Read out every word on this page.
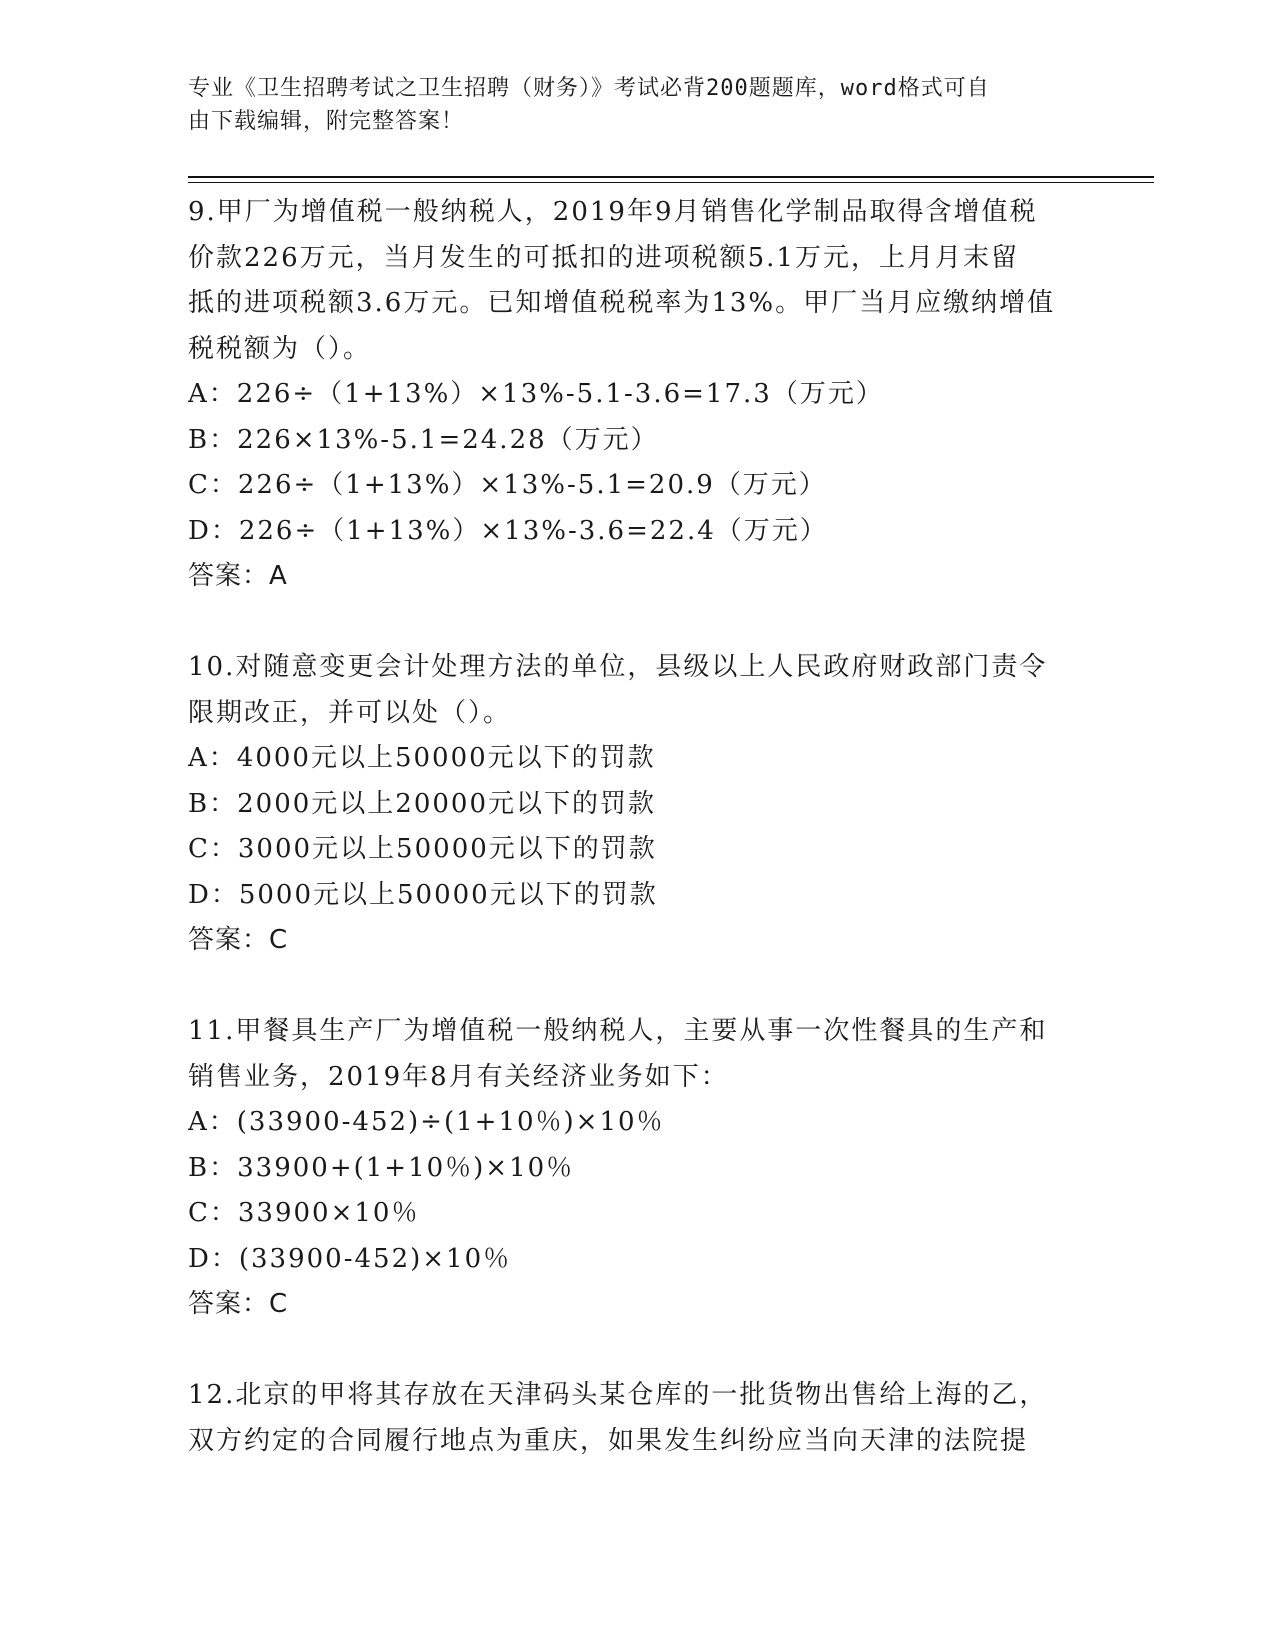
专业《卫生招聘考试之卫生招聘（财务）》考试必背200题题库，word格式可自
由下载编辑，附完整答案！
9.甲厂为增值税一般纳税人，2019年9月销售化学制品取得含增值税
价款226万元，当月发生的可抵扣的进项税额5.1万元，上月月末留
抵的进项税额3.6万元。已知增值税税率为13%。甲厂当月应缴纳增值
税税额为（）。
A：226÷（1+13%）×13%-5.1-3.6=17.3（万元）
B：226×13%-5.1=24.28（万元）
C：226÷（1+13%）×13%-5.1=20.9（万元）
D：226÷（1+13%）×13%-3.6=22.4（万元）
答案：A
10.对随意变更会计处理方法的单位，县级以上人民政府财政部门责令
限期改正，并可以处（）。
A：4000元以上50000元以下的罚款
B：2000元以上20000元以下的罚款
C：3000元以上50000元以下的罚款
D：5000元以上50000元以下的罚款
答案：C
11.甲餐具生产厂为增值税一般纳税人，主要从事一次性餐具的生产和
销售业务，2019年8月有关经济业务如下：
A：(33900-452)÷(1+10％)×10％
B：33900+(1+10％)×10％
C：33900×10％
D：(33900-452)×10％
答案：C
12.北京的甲将其存放在天津码头某仓库的一批货物出售给上海的乙，
双方约定的合同履行地点为重庆，如果发生纠纷应当向天津的法院提
